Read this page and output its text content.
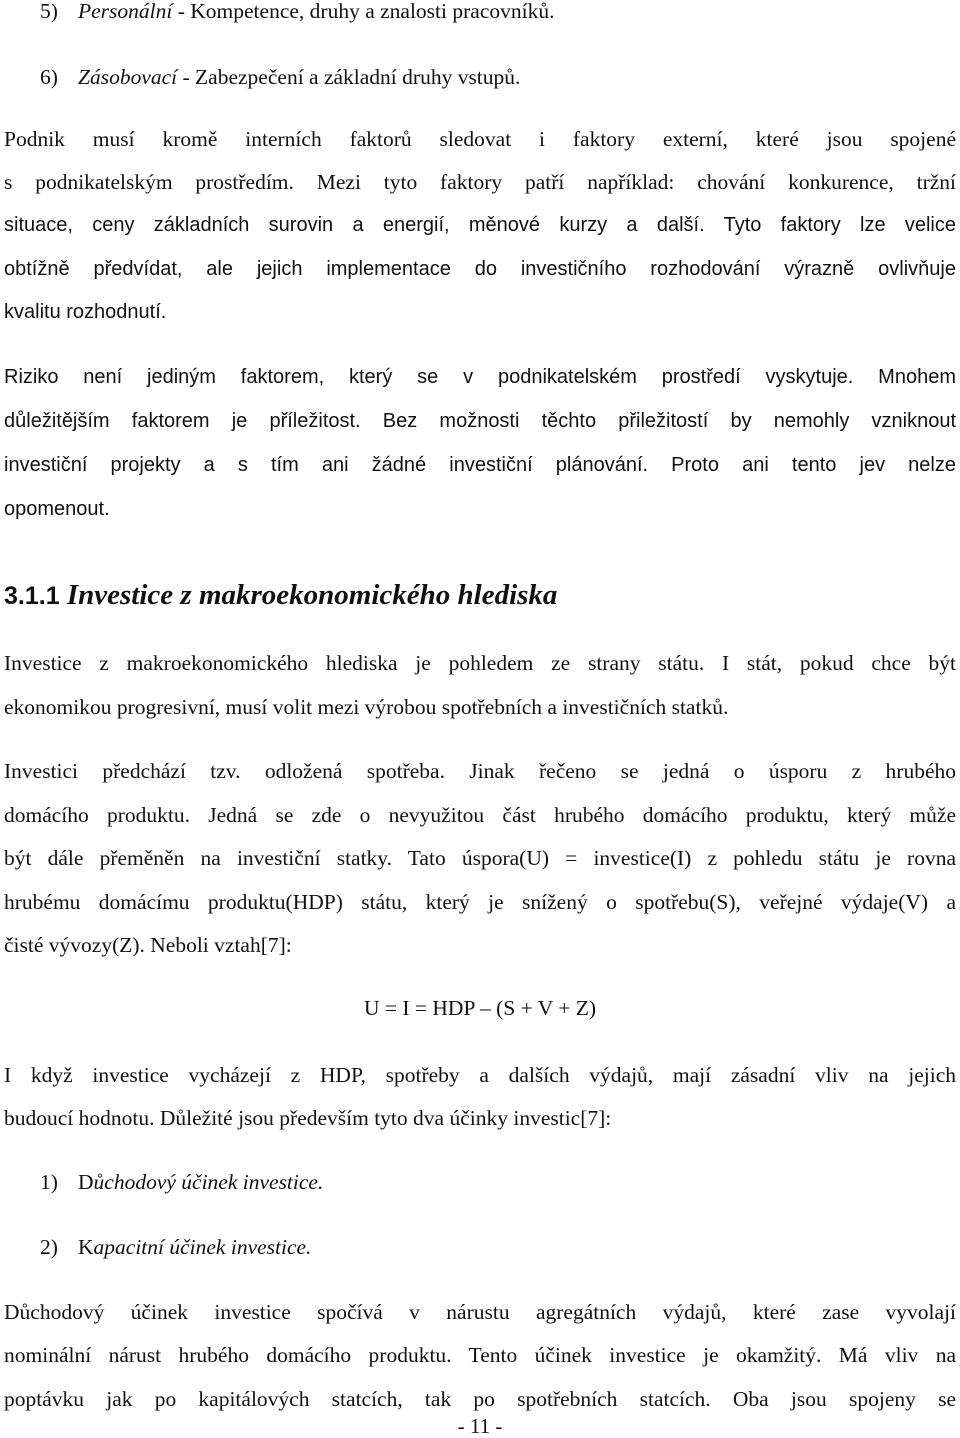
5) Personální - Kompetence, druhy a znalosti pracovníků.
6) Zásobovací - Zabezpečení a základní druhy vstupů.
Podnik musí kromě interních faktorů sledovat i faktory externí, které jsou spojené
s podnikatelským prostředím. Mezi tyto faktory patří například: chování konkurence, tržní
situace, ceny základních surovin a energií, měnové kurzy a další. Tyto faktory lze velice
obtížně předvídat, ale jejich implementace do investičního rozhodování výrazně ovlivňuje
kvalitu rozhodnutí.
Riziko není jediným faktorem, který se v podnikatelském prostředí vyskytuje. Mnohem
důležitějším faktorem je příležitost. Bez možnosti těchto přiležitostí by nemohly vzniknout
investiční projekty a s tím ani žádné investiční plánování. Proto ani tento jev nelze
opomenout.
3.1.1 Investice z makroekonomického hlediska
Investice z makroekonomického hlediska je pohledem ze strany státu. I stát, pokud chce být
ekonomikou progresivní, musí volit mezi výrobou spotřebních a investičních statků.
Investici předchází tzv. odložená spotřeba. Jinak řečeno se jedná o úsporu z hrubého
domácího produktu. Jedná se zde o nevyužitou část hrubého domácího produktu, který může
být dále přeměněn na investiční statky. Tato úspora(U) = investice(I) z pohledu státu je rovna
hrubému domácímu produktu(HDP) státu, který je snížený o spotřebu(S), veřejné výdaje(V) a
čisté vývozy(Z). Neboli vztah[7]:
U = I = HDP – (S + V + Z)
I když investice vycházejí z HDP, spotřeby a dalších výdajů, mají zásadní vliv na jejich
budoucí hodnotu. Důležité jsou především tyto dva účinky investic[7]:
1) Důchodový účinek investice.
2) Kapacitní účinek investice.
Důchodový účinek investice spočívá v nárustu agregátních výdajů, které zase vyvolají
nominální nárust hrubého domácího produktu. Tento účinek investice je okamžitý. Má vliv na
poptávku jak po kapitálových statcích, tak po spotřebních statcích. Oba jsou spojeny se
- 11 -
